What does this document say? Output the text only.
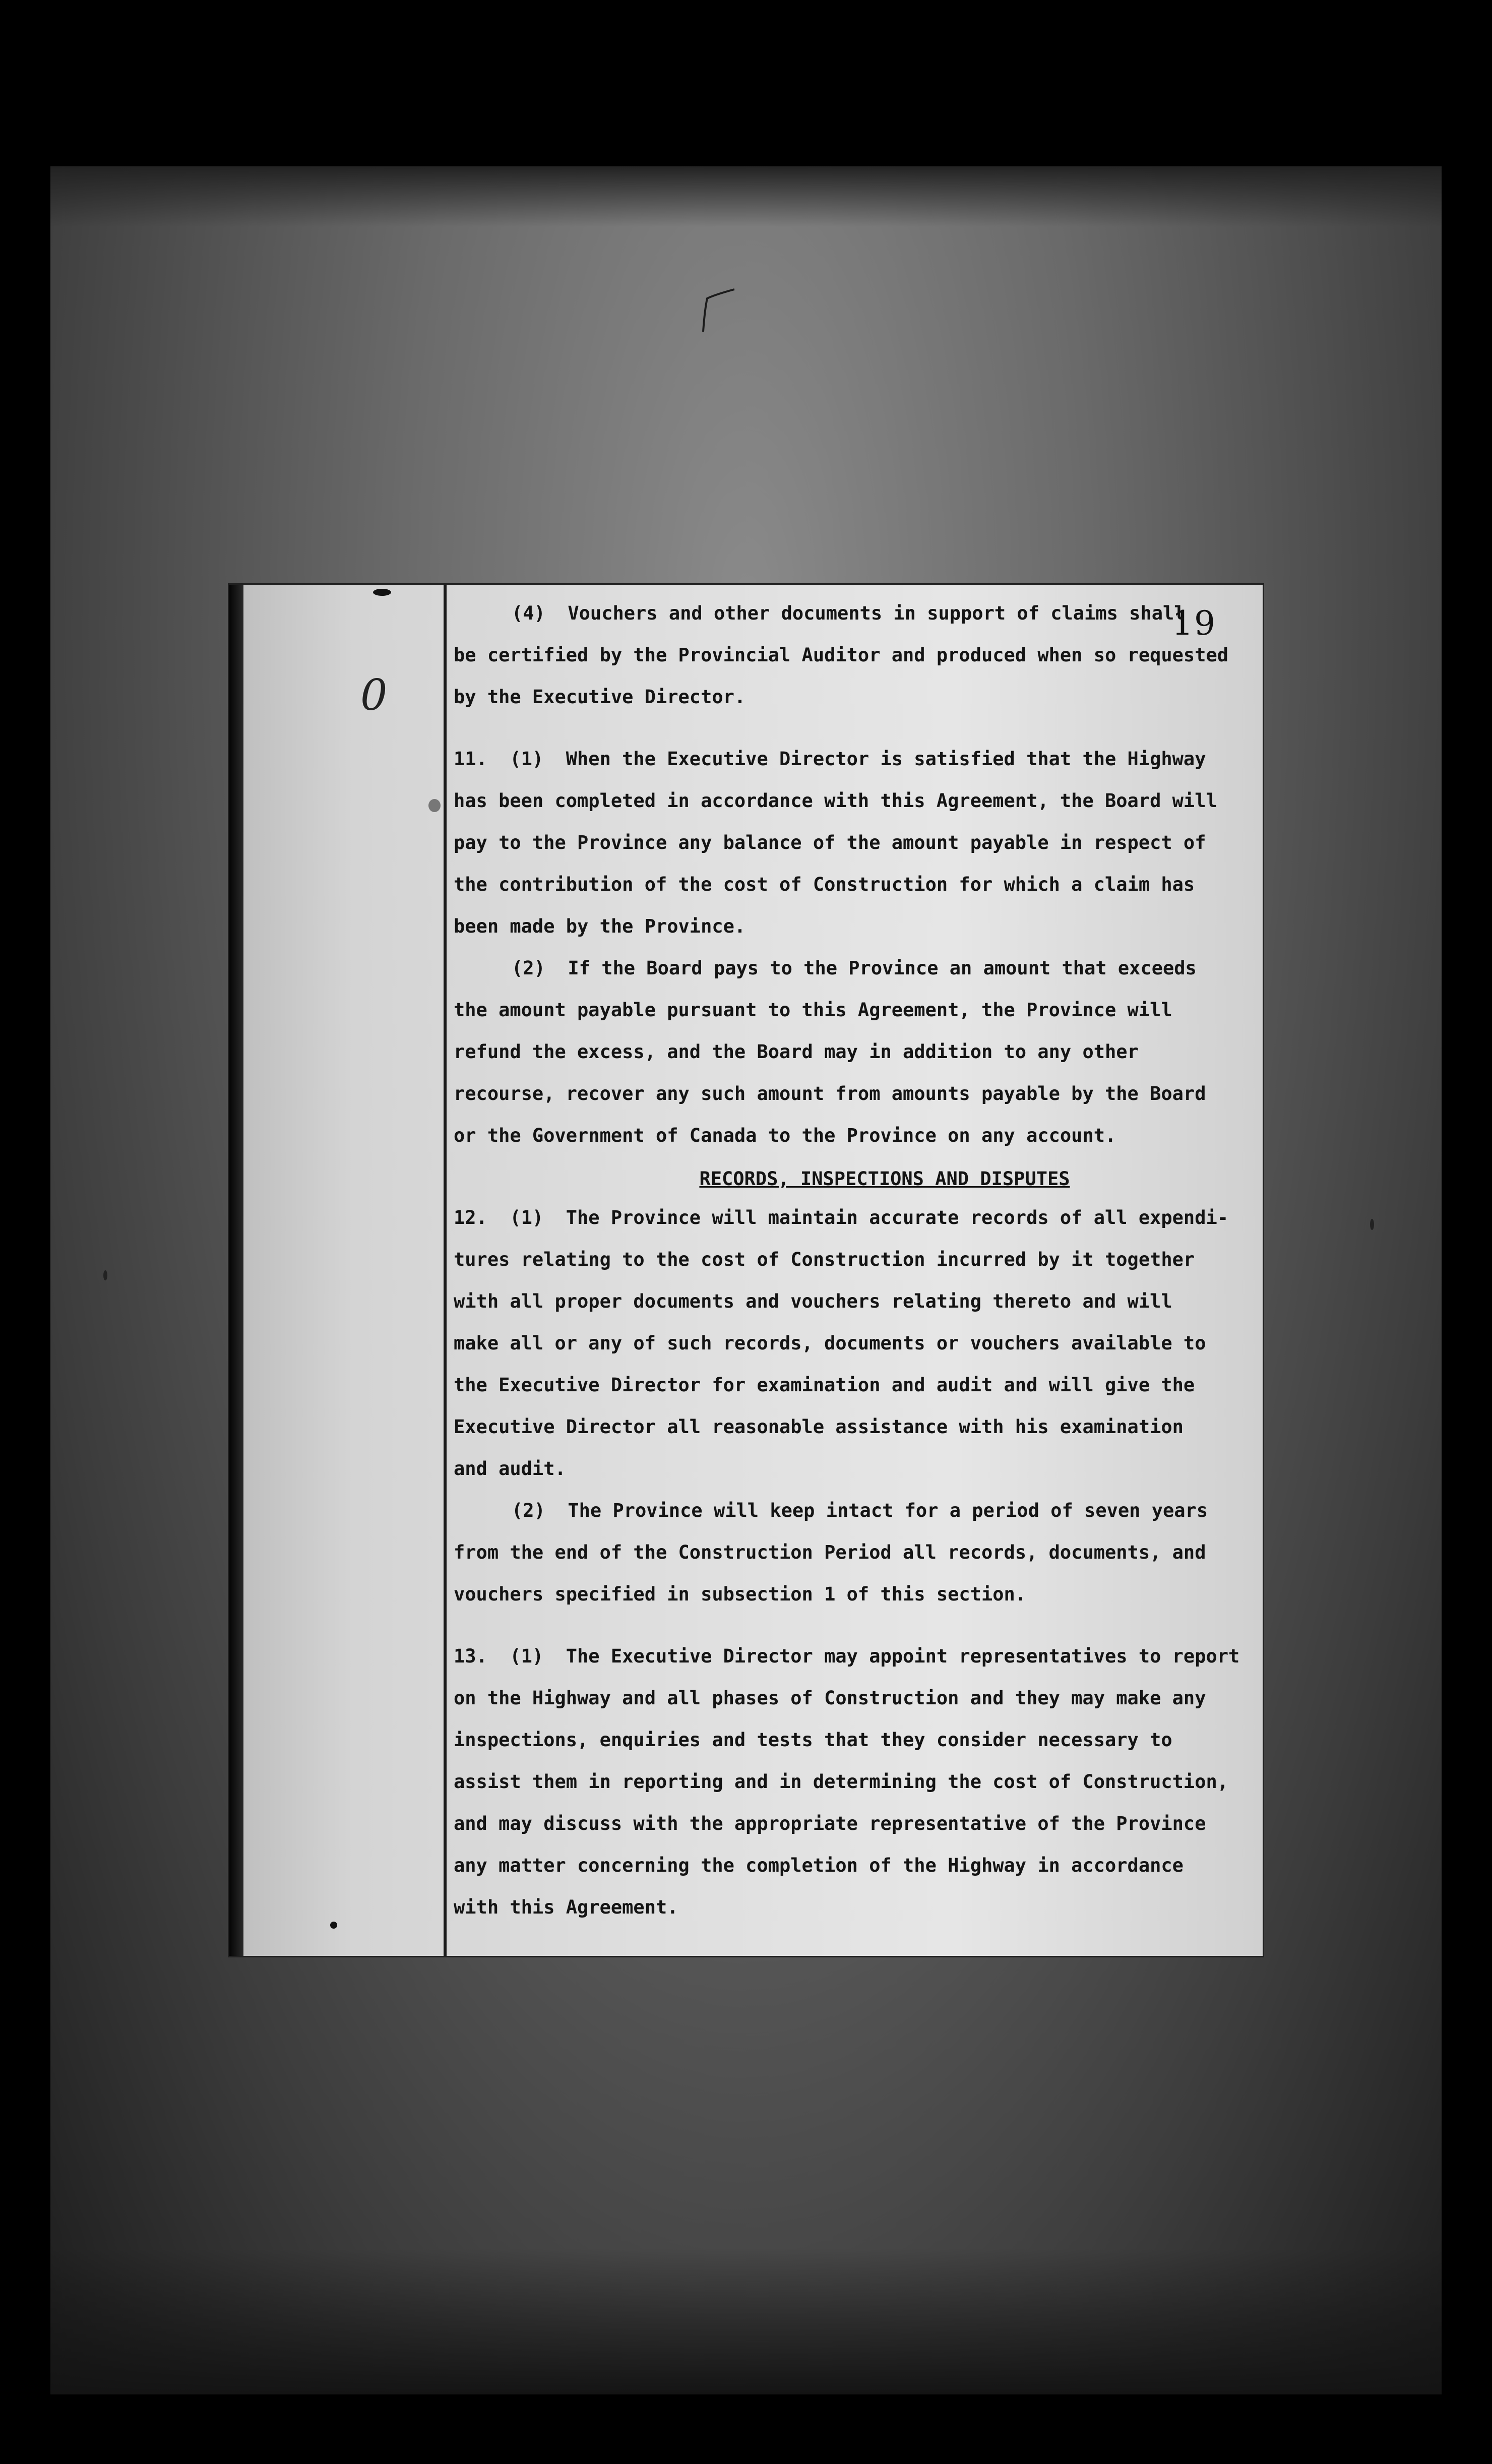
0
19
(4)  Vouchers and other documents in support of claims shall
be certified by the Provincial Auditor and produced when so requested
by the Executive Director.
11.  (1)  When the Executive Director is satisfied that the Highway
has been completed in accordance with this Agreement, the Board will
pay to the Province any balance of the amount payable in respect of
the contribution of the cost of Construction for which a claim has
been made by the Province.
(2)  If the Board pays to the Province an amount that exceeds
the amount payable pursuant to this Agreement, the Province will
refund the excess, and the Board may in addition to any other
recourse, recover any such amount from amounts payable by the Board
or the Government of Canada to the Province on any account.
RECORDS, INSPECTIONS AND DISPUTES
12.  (1)  The Province will maintain accurate records of all expendi-
tures relating to the cost of Construction incurred by it together
with all proper documents and vouchers relating thereto and will
make all or any of such records, documents or vouchers available to
the Executive Director for examination and audit and will give the
Executive Director all reasonable assistance with his examination
and audit.
(2)  The Province will keep intact for a period of seven years
from the end of the Construction Period all records, documents, and
vouchers specified in subsection 1 of this section.
13.  (1)  The Executive Director may appoint representatives to report
on the Highway and all phases of Construction and they may make any
inspections, enquiries and tests that they consider necessary to
assist them in reporting and in determining the cost of Construction,
and may discuss with the appropriate representative of the Province
any matter concerning the completion of the Highway in accordance
with this Agreement.
